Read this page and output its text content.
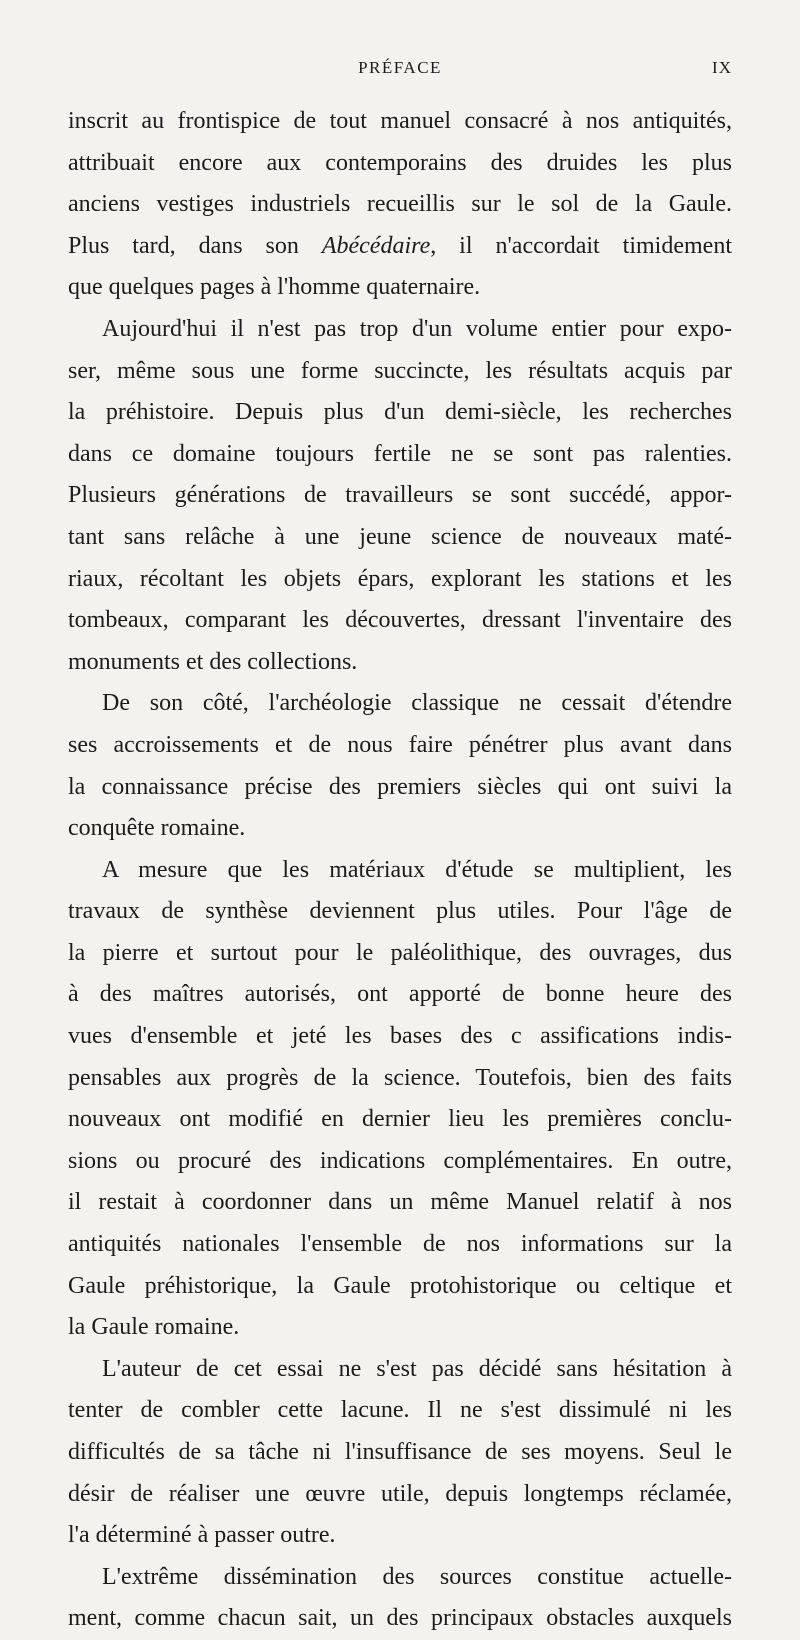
PRÉFACE	IX
inscrit au frontispice de tout manuel consacré à nos antiquités,
attribuait encore aux contemporains des druides les plus
anciens vestiges industriels recueillis sur le sol de la Gaule.
Plus tard, dans son Abécédaire, il n'accordait timidement
que quelques pages à l'homme quaternaire.
Aujourd'hui il n'est pas trop d'un volume entier pour expo-
ser, même sous une forme succincte, les résultats acquis par
la préhistoire. Depuis plus d'un demi-siècle, les recherches
dans ce domaine toujours fertile ne se sont pas ralenties.
Plusieurs générations de travailleurs se sont succédé, appor-
tant sans relâche à une jeune science de nouveaux maté-
riaux, récoltant les objets épars, explorant les stations et les
tombeaux, comparant les découvertes, dressant l'inventaire des
monuments et des collections.
De son côté, l'archéologie classique ne cessait d'étendre
ses accroissements et de nous faire pénétrer plus avant dans
la connaissance précise des premiers siècles qui ont suivi la
conquête romaine.
A mesure que les matériaux d'étude se multiplient, les
travaux de synthèse deviennent plus utiles. Pour l'âge de
la pierre et surtout pour le paléolithique, des ouvrages, dus
à des maîtres autorisés, ont apporté de bonne heure des
vues d'ensemble et jeté les bases des c assifications indis-
pensables aux progrès de la science. Toutefois, bien des faits
nouveaux ont modifié en dernier lieu les premières conclu-
sions ou procuré des indications complémentaires. En outre,
il restait à coordonner dans un même Manuel relatif à nos
antiquités nationales l'ensemble de nos informations sur la
Gaule préhistorique, la Gaule protohistorique ou celtique et
la Gaule romaine.
L'auteur de cet essai ne s'est pas décidé sans hésitation à
tenter de combler cette lacune. Il ne s'est dissimulé ni les
difficultés de sa tâche ni l'insuffisance de ses moyens. Seul le
désir de réaliser une œuvre utile, depuis longtemps réclamée,
l'a déterminé à passer outre.
L'extrême dissémination des sources constitue actuelle-
ment, comme chacun sait, un des principaux obstacles auxquels
